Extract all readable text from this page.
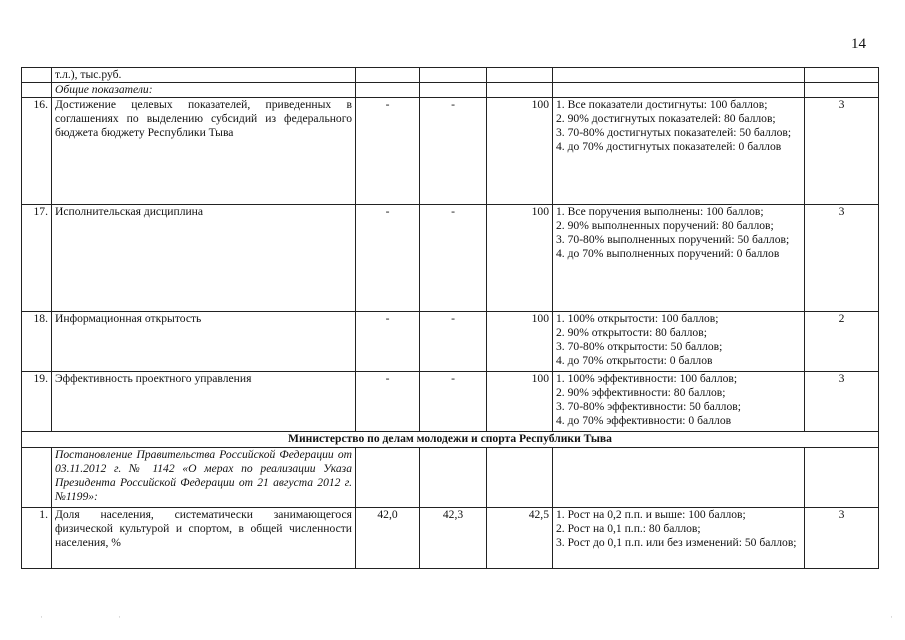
14
	т.л.), тыс.руб.					
	Общие показатели:					
16.	Достижение целевых показателей, приведенных в соглашениях по выделению субсидий из федерального бюджета бюджету Республики Тыва	-	-	100	1. Все показатели достигнуты: 100 баллов;
2. 90% достигнутых показателей: 80 баллов;
3. 70-80% достигнутых показателей: 50 баллов;
4. до 70% достигнутых показателей: 0 баллов	3
17.	Исполнительская дисциплина	-	-	100	1. Все поручения выполнены: 100 баллов;
2. 90% выполненных поручений: 80 баллов;
3. 70-80% выполненных поручений: 50 баллов;
4. до 70% выполненных поручений: 0 баллов	3
18.	Информационная открытость	-	-	100	1. 100% открытости: 100 баллов;
2. 90% открытости: 80 баллов;
3. 70-80% открытости: 50 баллов;
4. до 70% открытости: 0 баллов	2
19.	Эффективность проектного управления	-	-	100	1. 100% эффективности: 100 баллов;
2. 90% эффективности: 80 баллов;
3. 70-80% эффективности: 50 баллов;
4. до 70% эффективности: 0 баллов	3
Министерство по делам молодежи и спорта Республики Тыва						
	Постановление Правительства Российской Федерации от 03.11.2012 г. № 1142 «О мерах по реализации Указа Президента Российской Федерации от 21 августа 2012 г. №1199»:					
1.	Доля населения, систематически занимающегося физической культурой и спортом, в общей численности населения, %	42,0	42,3	42,5	1. Рост на 0,2 п.п. и выше: 100 баллов;
2. Рост на 0,1 п.п.: 80 баллов;
3. Рост до 0,1 п.п. или без изменений: 50 баллов;	3
·	·	·
